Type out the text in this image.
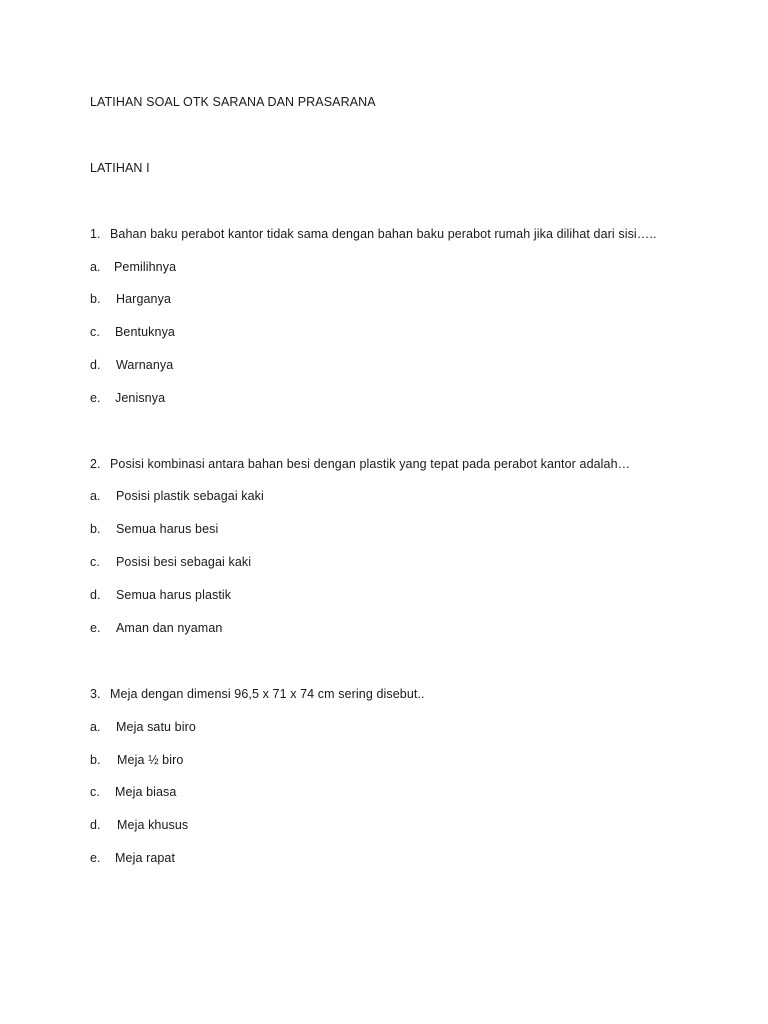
LATIHAN SOAL OTK SARANA DAN PRASARANA
LATIHAN I
1. Bahan baku perabot kantor tidak sama dengan bahan baku perabot rumah jika dilihat dari sisi…..
a. Pemilihnya
b. Harganya
c. Bentuknya
d. Warnanya
e. Jenisnya
2. Posisi kombinasi antara bahan besi dengan plastik yang tepat pada perabot kantor adalah…
a. Posisi plastik sebagai kaki
b. Semua harus besi
c. Posisi besi sebagai kaki
d. Semua harus plastik
e. Aman dan nyaman
3. Meja dengan dimensi 96,5 x 71 x 74 cm sering disebut..
a. Meja satu biro
b. Meja ½ biro
c. Meja biasa
d. Meja khusus
e. Meja rapat
